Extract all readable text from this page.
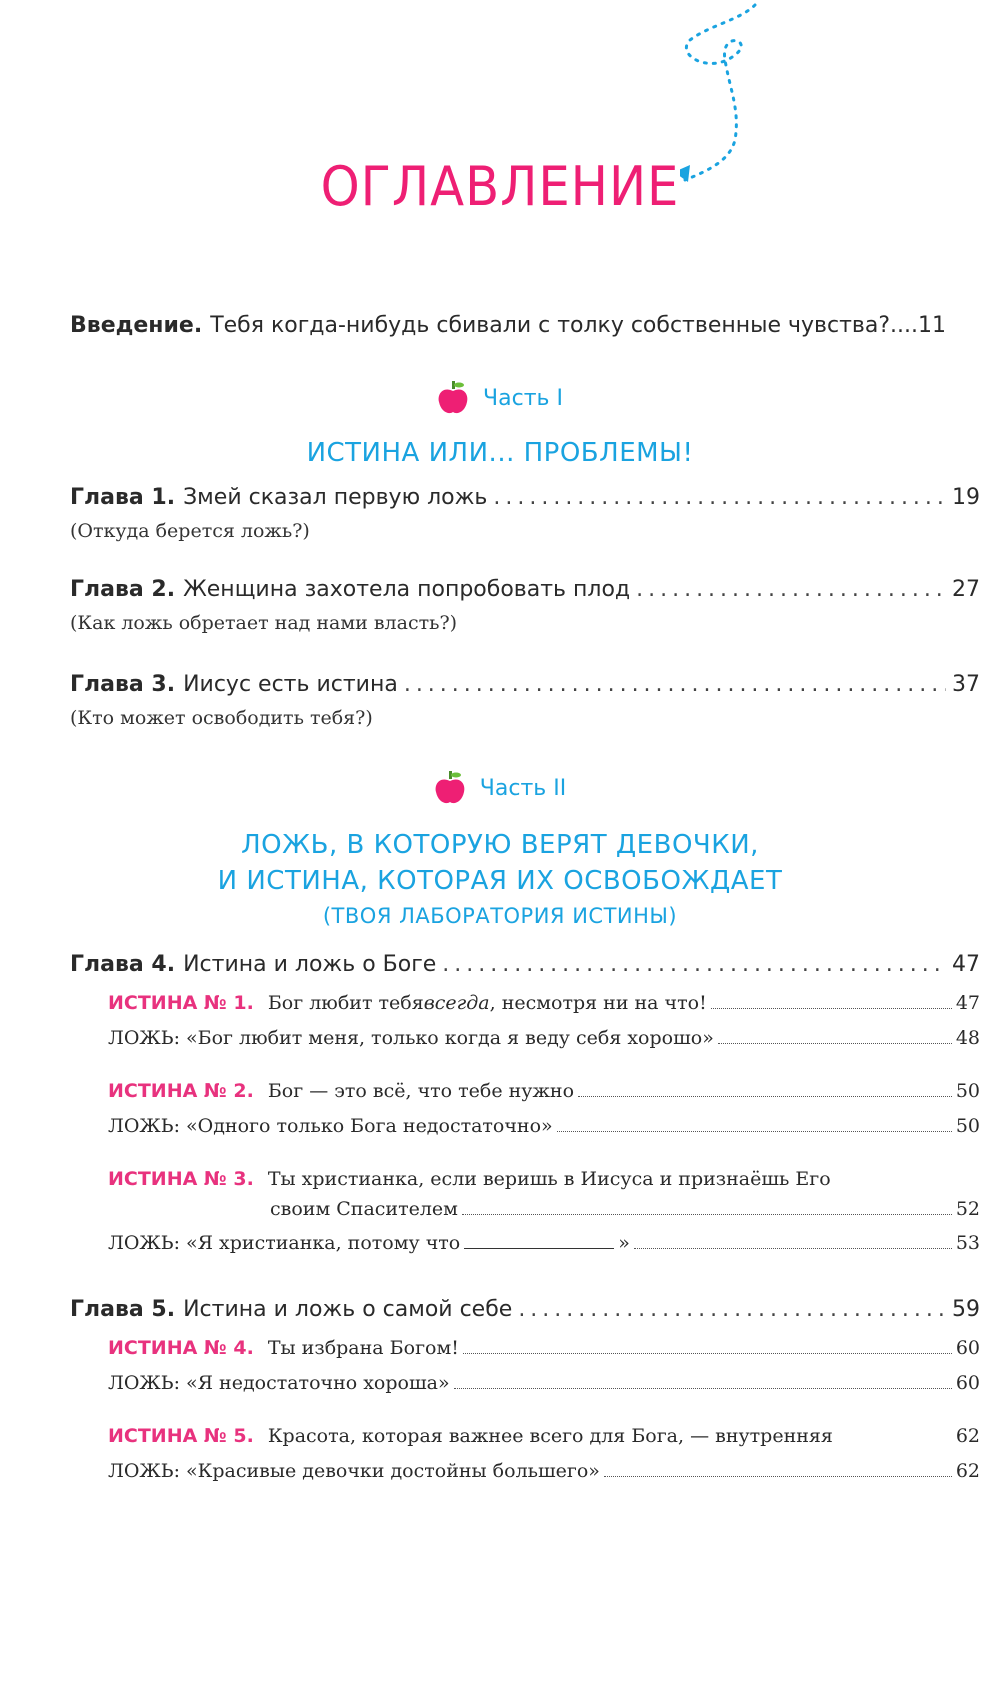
ОГЛАВЛЕНИЕ
Введение. Тебя когда-нибудь сбивали с толку собственные чувства?....11
Часть I
ИСТИНА ИЛИ... ПРОБЛЕМЫ!
Глава 1. Змей сказал первую ложь . . .	19
(Откуда берется ложь?)
Глава 2. Женщина захотела попробовать плод . . .	27
(Как ложь обретает над нами власть?)
Глава 3. Иисус есть истина . . .	37
(Кто может освободить тебя?)
Часть II
ЛОЖЬ, В КОТОРУЮ ВЕРЯТ ДЕВОЧКИ,
И ИСТИНА, КОТОРАЯ ИХ ОСВОБОЖДАЕТ
(ТВОЯ ЛАБОРАТОРИЯ ИСТИНЫ)
Глава 4. Истина и ложь о Боге . . .	47
ИСТИНА № 1. Бог любит тебя всегда , несмотря ни на что!	47
ЛОЖЬ: «Бог любит меня, только когда я веду себя хорошо»	48
ИСТИНА № 2. Бог — это всё, что тебе нужно	50
ЛОЖЬ: «Одного только Бога недостаточно»	50
ИСТИНА № 3. Ты христианка, если веришь в Иисуса и признаёшь Его
своим Спасителем	52
ЛОЖЬ: «Я христианка, потому что	»	53
Глава 5. Истина и ложь о самой себе . . .	59
ИСТИНА № 4. Ты избрана Богом!	60
ЛОЖЬ: «Я недостаточно хороша»	60
ИСТИНА № 5. Красота, которая важнее всего для Бога, — внутренняя	62
ЛОЖЬ: «Красивые девочки достойны большего»	62
